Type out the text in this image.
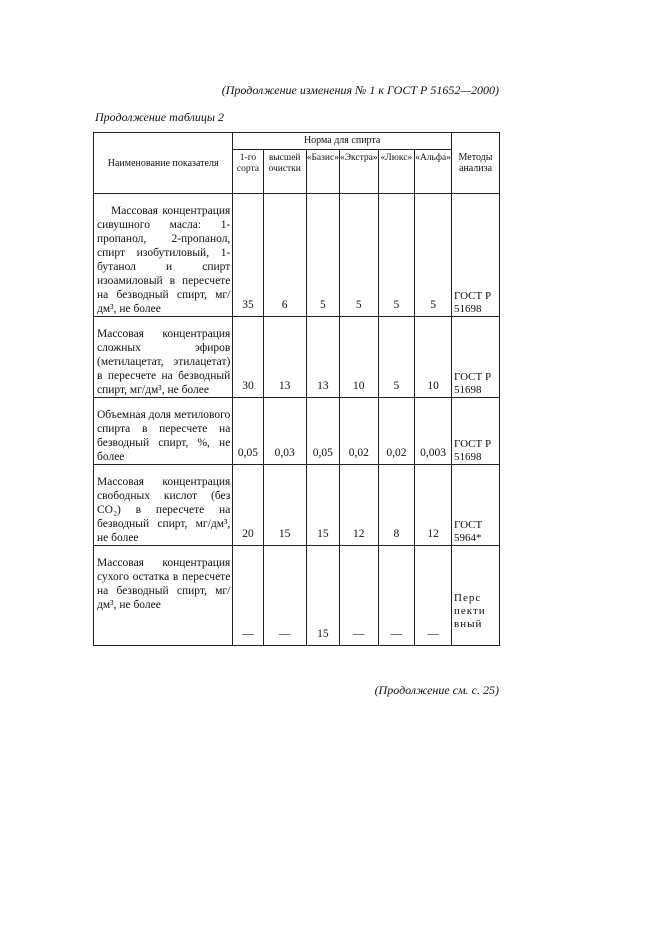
(Продолжение изменения № 1 к ГОСТ Р 51652—2000)
Продолжение таблицы 2
Наименование показателя	Норма для спирта						Методы анализа
	1-го сорта	высшей очистки	«Базис»	«Экстра»	«Люкс»	«Альфа»	

Массовая концентрация сивушного масла: 1-пропанол, 2-пропанол, спирт изобутиловый, 1-бутанол и спирт изоамиловый в пересчете на безводный спирт, мг/дм³, не более	35	6	5	5	5	5	ГОСТ Р 51698

Массовая концентрация сложных эфиров (метилацетат, этилацетат) в пересчете на безводный спирт, мг/дм³, не более	30	13	13	10	5	10	ГОСТ Р 51698

Объемная доля метилового спирта в пересчете на безводный спирт, %, не более	0,05	0,03	0,05	0,02	0,02	0,003	ГОСТ Р 51698

Массовая концентрация свободных кислот (без CO₂) в пересчете на безводный спирт, мг/дм³, не более	20	15	15	12	8	12	ГОСТ 5964*

Массовая концентрация сухого остатка в пересчете на безводный спирт, мг/дм³, не более	—	—	15	—	—	—	Перспективный
(Продолжение см. с. 25)
